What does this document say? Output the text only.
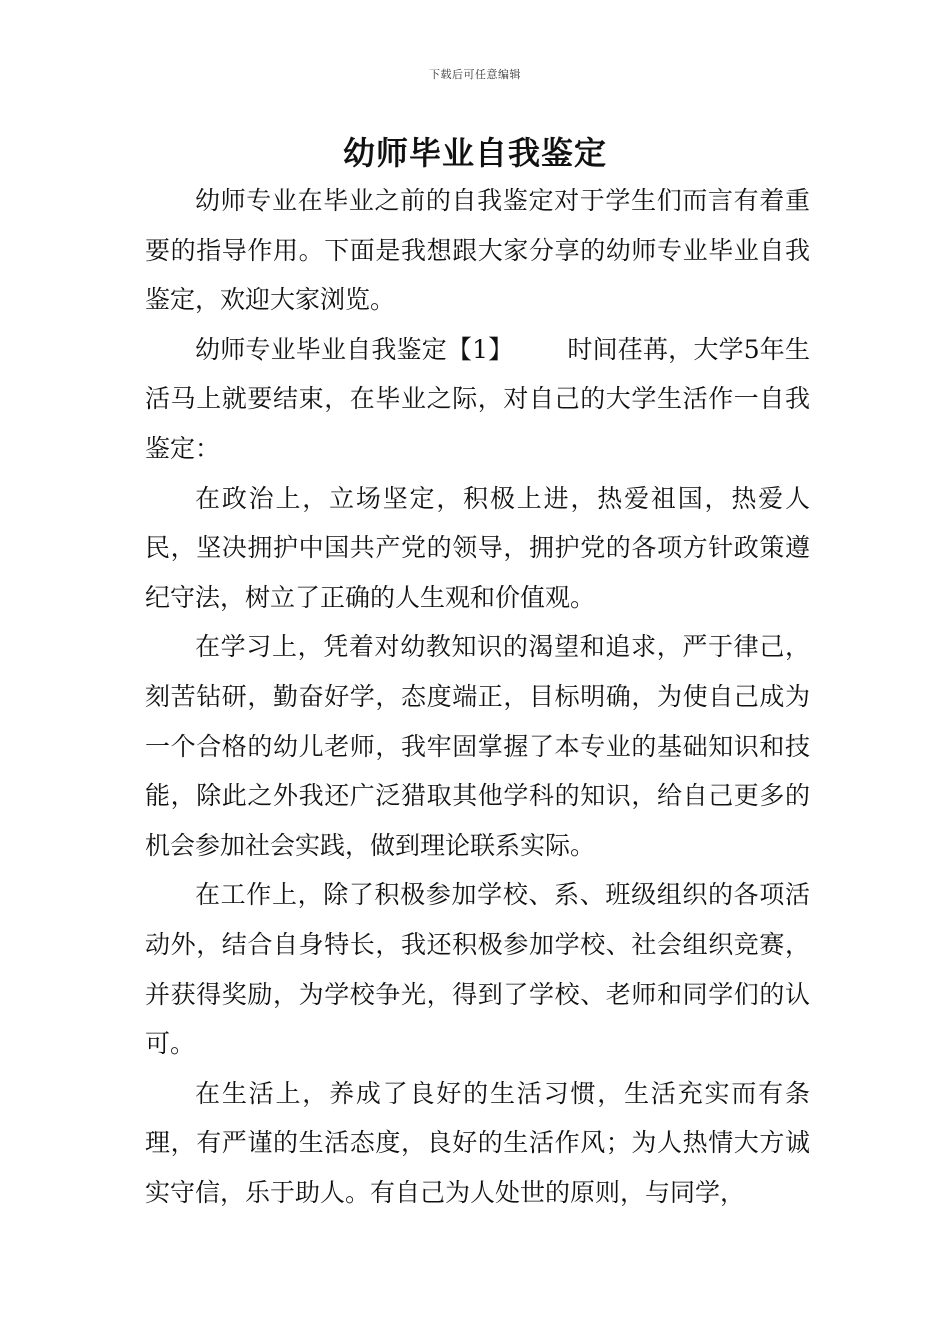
下载后可任意编辑
幼师毕业自我鉴定

幼师专业在毕业之前的自我鉴定对于学生们而言有着重要的指导作用。下面是我想跟大家分享的幼师专业毕业自我鉴定，欢迎大家浏览。

幼师专业毕业自我鉴定【1】 时间荏苒，大学5年生活马上就要结束，在毕业之际，对自己的大学生活作一自我鉴定：

在政治上，立场坚定，积极上进，热爱祖国，热爱人民，坚决拥护中国共产党的领导，拥护党的各项方针政策遵纪守法，树立了正确的人生观和价值观。

在学习上，凭着对幼教知识的渴望和追求，严于律己，刻苦钻研，勤奋好学，态度端正，目标明确，为使自己成为一个合格的幼儿老师，我牢固掌握了本专业的基础知识和技能，除此之外我还广泛猎取其他学科的知识，给自己更多的机会参加社会实践，做到理论联系实际。

在工作上，除了积极参加学校、系、班级组织的各项活动外，结合自身特长，我还积极参加学校、社会组织竞赛，并获得奖励，为学校争光，得到了学校、老师和同学们的认可。

在生活上，养成了良好的生活习惯，生活充实而有条理，有严谨的生活态度，良好的生活作风；为人热情大方诚实守信，乐于助人。有自己为人处世的原则，与同学，
